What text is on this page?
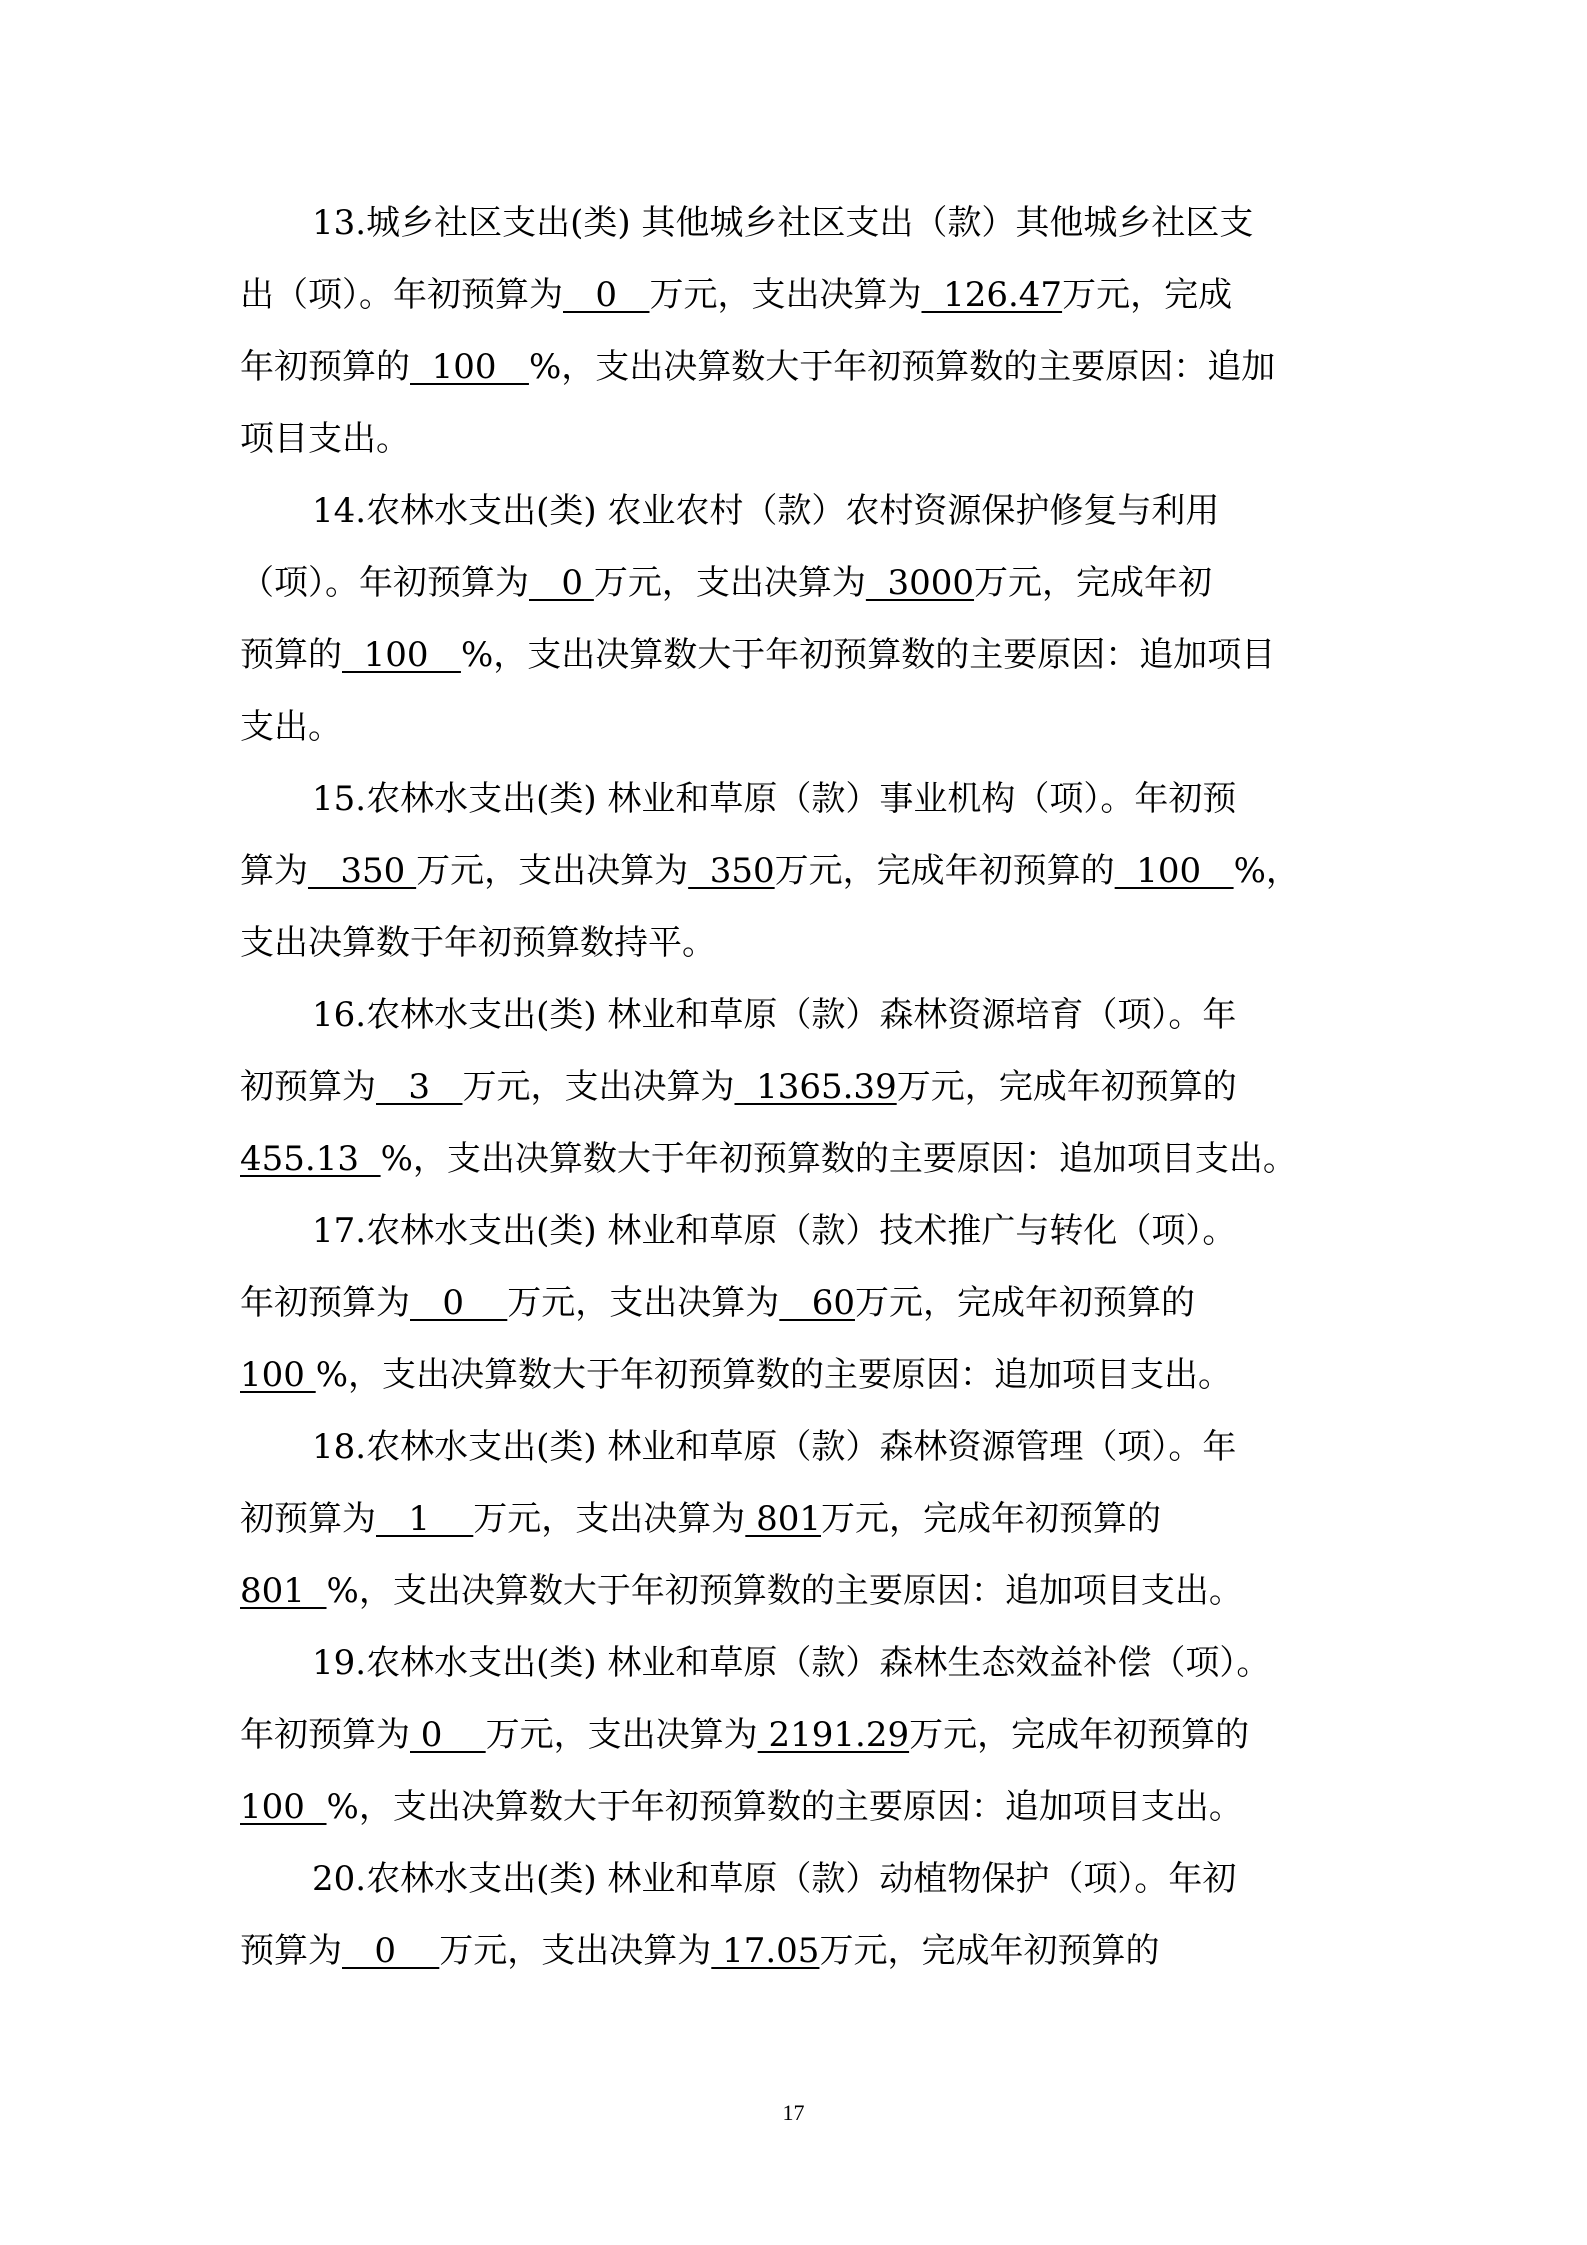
13.城乡社区支出(类) 其他城乡社区支出（款）其他城乡社区支
出（项）。年初预算为   0   万元，支出决算为  126.47万元，完成
年初预算的  100   %，支出决算数大于年初预算数的主要原因：追加
项目支出。
14.农林水支出(类) 农业农村（款）农村资源保护修复与利用
（项）。年初预算为   0 万元，支出决算为  3000万元，完成年初
预算的  100   %，支出决算数大于年初预算数的主要原因：追加项目
支出。
15.农林水支出(类) 林业和草原（款）事业机构（项）。年初预
算为   350 万元，支出决算为  350万元，完成年初预算的  100   %，
支出决算数于年初预算数持平。
16.农林水支出(类) 林业和草原（款）森林资源培育（项）。年
初预算为   3   万元，支出决算为  1365.39万元，完成年初预算的
455.13  %，支出决算数大于年初预算数的主要原因：追加项目支出。
17.农林水支出(类) 林业和草原（款）技术推广与转化（项）。
年初预算为   0    万元，支出决算为   60万元，完成年初预算的
100 %，支出决算数大于年初预算数的主要原因：追加项目支出。
18.农林水支出(类) 林业和草原（款）森林资源管理（项）。年
初预算为   1    万元，支出决算为 801万元，完成年初预算的
801  %，支出决算数大于年初预算数的主要原因：追加项目支出。
19.农林水支出(类) 林业和草原（款）森林生态效益补偿（项）。
年初预算为 0    万元，支出决算为 2191.29万元，完成年初预算的
100  %，支出决算数大于年初预算数的主要原因：追加项目支出。
20.农林水支出(类) 林业和草原（款）动植物保护（项）。年初
预算为   0    万元，支出决算为 17.05万元，完成年初预算的
17
